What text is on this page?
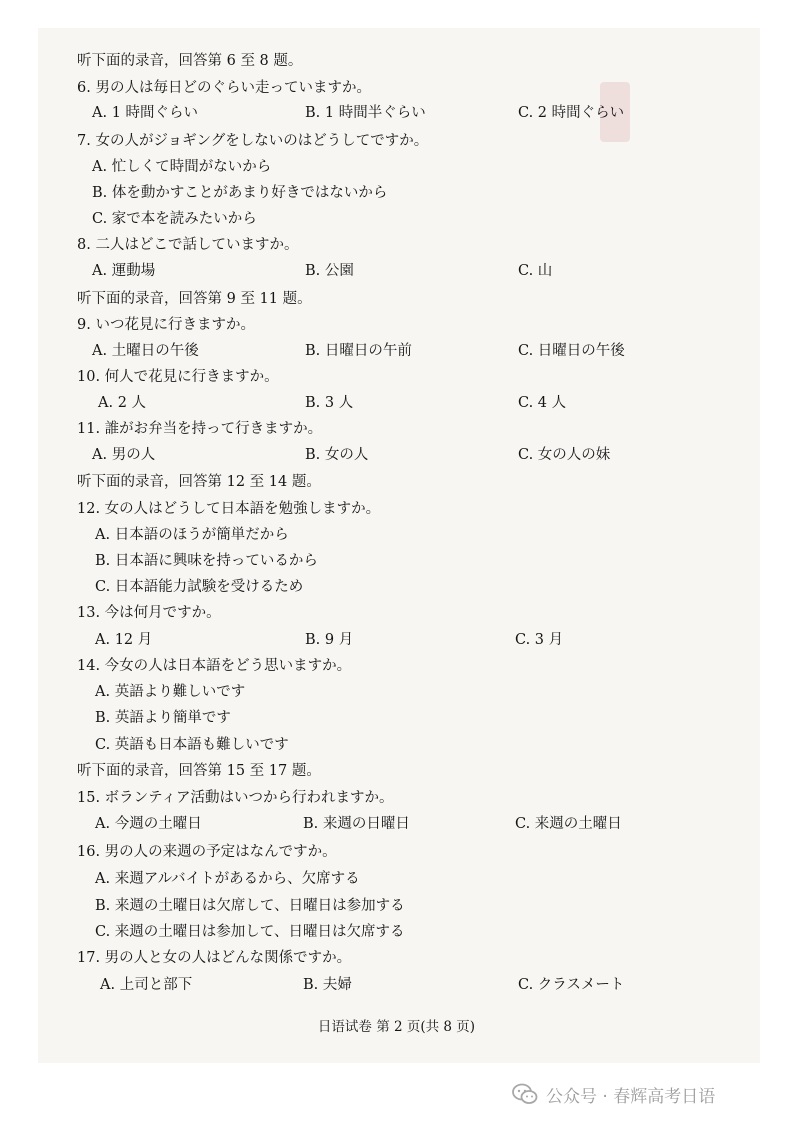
听下面的录音，回答第 6 至 8 题。
6. 男の人は毎日どのぐらい走っていますか。
A. 1 時間ぐらい	B. 1 時間半ぐらい	C. 2 時間ぐらい
7. 女の人がジョギングをしないのはどうしてですか。
A. 忙しくて時間がないから
B. 体を動かすことがあまり好きではないから
C. 家で本を読みたいから
8. 二人はどこで話していますか。
A. 運動場	B. 公園	C. 山
听下面的录音，回答第 9 至 11 题。
9. いつ花見に行きますか。
A. 土曜日の午後	B. 日曜日の午前	C. 日曜日の午後
10. 何人で花見に行きますか。
A. 2 人	B. 3 人	C. 4 人
11. 誰がお弁当を持って行きますか。
A. 男の人	B. 女の人	C. 女の人の妹
听下面的录音，回答第 12 至 14 题。
12. 女の人はどうして日本語を勉強しますか。
A. 日本語のほうが簡単だから
B. 日本語に興味を持っているから
C. 日本語能力試験を受けるため
13. 今は何月ですか。
A. 12 月	B. 9 月	C. 3 月
14. 今女の人は日本語をどう思いますか。
A. 英語より難しいです
B. 英語より簡単です
C. 英語も日本語も難しいです
听下面的录音，回答第 15 至 17 题。
15. ボランティア活動はいつから行われますか。
A. 今週の土曜日	B. 来週の日曜日	C. 来週の土曜日
16. 男の人の来週の予定はなんですか。
A. 来週アルバイトがあるから、欠席する
B. 来週の土曜日は欠席して、日曜日は参加する
C. 来週の土曜日は参加して、日曜日は欠席する
17. 男の人と女の人はどんな関係ですか。
A. 上司と部下	B. 夫婦	C. クラスメート
日语试卷 第 2 页(共 8 页)
公众号 · 春辉高考日语
